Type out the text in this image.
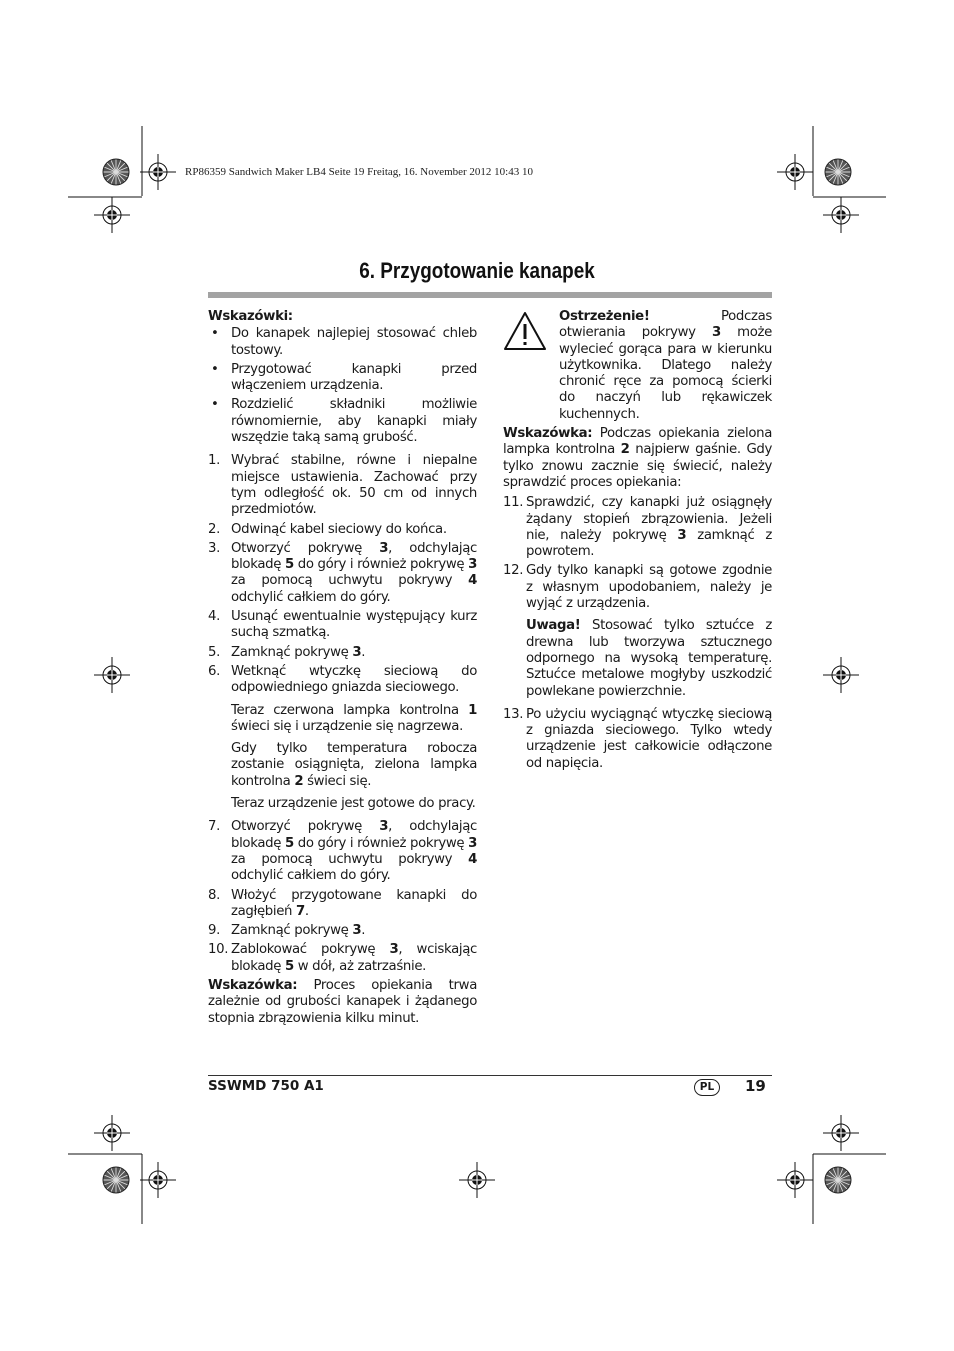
RP86359 Sandwich Maker LB4 Seite 19 Freitag, 16. November 2012 10:43 10
6. Przygotowanie kanapek
Wskazówki:
• Do kanapek najlepiej stosować chleb tostowy.
• Przygotować kanapki przed włączeniem urządzenia.
• Rozdzielić składniki możliwie równomiernie, aby kanapki miały wszędzie taką samą grubość.
1. Wybrać stabilne, równe i niepalne miejsce ustawienia. Zachować przy tym odległość ok. 50 cm od innych przedmiotów.
2. Odwinąć kabel sieciowy do końca.
3. Otworzyć pokrywę 3, odchylając blokadę 5 do góry i również pokrywę 3 za pomocą uchwytu pokrywy 4 odchylić całkiem do góry.
4. Usunąć ewentualnie występujący kurz suchą szmatką.
5. Zamknąć pokrywę 3.
6. Wetknąć wtyczkę sieciową do odpowiedniego gniazda sieciowego.
Teraz czerwona lampka kontrolna 1 świeci się i urządzenie się nagrzewa.
Gdy tylko temperatura robocza zostanie osiągnięta, zielona lampka kontrolna 2 świeci się.
Teraz urządzenie jest gotowe do pracy.
7. Otworzyć pokrywę 3, odchylając blokadę 5 do góry i również pokrywę 3 za pomocą uchwytu pokrywy 4 odchylić całkiem do góry.
8. Włożyć przygotowane kanapki do zagłębień 7.
9. Zamknąć pokrywę 3.
10. Zablokować pokrywę 3, wciskając blokadę 5 w dół, aż zatrzaśnie.
Wskazówka: Proces opiekania trwa zależnie od grubości kanapek i żądanego stopnia zbrązowienia kilku minut.
Ostrzeżenie! Podczas otwierania pokrywy 3 może wylecieć gorąca para w kierunku użytkownika. Dlatego należy chronić ręce za pomocą ścierki do naczyń lub rękawiczek kuchennych.
Wskazówka: Podczas opiekania zielona lampka kontrolna 2 najpierw gaśnie. Gdy tylko znowu zacznie się świecić, należy sprawdzić proces opiekania:
11. Sprawdzić, czy kanapki już osiągnęły żądany stopień zbrązowienia. Jeżeli nie, należy pokrywę 3 zamknąć z powrotem.
12. Gdy tylko kanapki są gotowe zgodnie z własnym upodobaniem, należy je wyjąć z urządzenia.
Uwaga! Stosować tylko sztućce z drewna lub tworzywa sztucznego odpornego na wysoką temperaturę. Sztućce metalowe mogłyby uszkodzić powlekane powierzchnie.
13. Po użyciu wyciągnąć wtyczkę sieciową z gniazda sieciowego. Tylko wtedy urządzenie jest całkowicie odłączone od napięcia.
SSWMD 750 A1	PL	19
